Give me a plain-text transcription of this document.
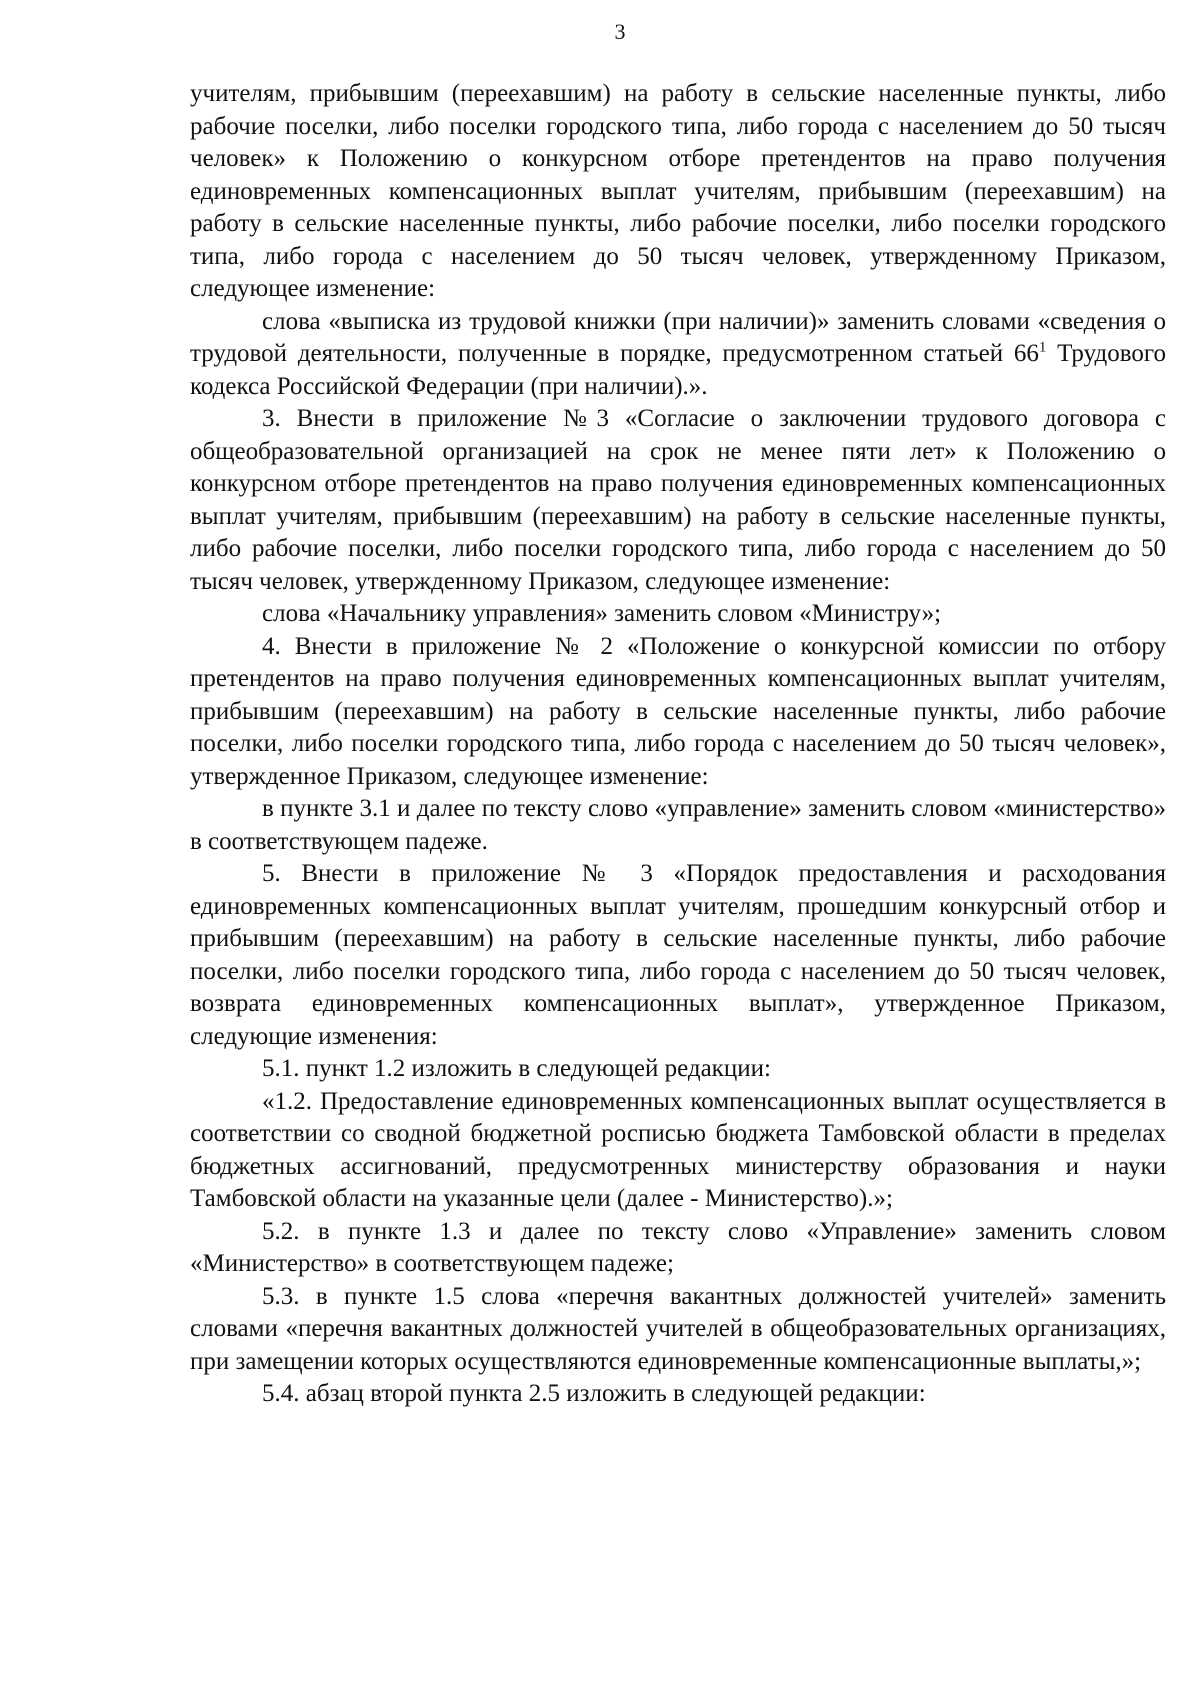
3

учителям, прибывшим (переехавшим) на работу в сельские населенные пункты, либо рабочие поселки, либо поселки городского типа, либо города с населением до 50 тысяч человек» к Положению о конкурсном отборе претендентов на право получения единовременных компенсационных выплат учителям, прибывшим (переехавшим) на работу в сельские населенные пункты, либо рабочие поселки, либо поселки городского типа, либо города с населением до 50 тысяч человек, утвержденному Приказом, следующее изменение:

слова «выписка из трудовой книжки (при наличии)» заменить словами «сведения о трудовой деятельности, полученные в порядке, предусмотренном статьей $66^1$ Трудового кодекса Российской Федерации (при наличии).».

3. Внести в приложение №3 «Согласие о заключении трудового договора с общеобразовательной организацией на срок не менее пяти лет» к Положению о конкурсном отборе претендентов на право получения единовременных компенсационных выплат учителям, прибывшим (переехавшим) на работу в сельские населенные пункты, либо рабочие поселки, либо поселки городского типа, либо города с населением до 50 тысяч человек, утвержденному Приказом, следующее изменение:

слова «Начальнику управления» заменить словом «Министру»;

4. Внести в приложение № 2 «Положение о конкурсной комиссии по отбору претендентов на право получения единовременных компенсационных выплат учителям, прибывшим (переехавшим) на работу в сельские населенные пункты, либо рабочие поселки, либо поселки городского типа, либо города с населением до 50 тысяч человек», утвержденное Приказом, следующее изменение:

в пункте 3.1 и далее по тексту слово «управление» заменить словом «министерство» в соответствующем падеже.

5. Внести в приложение № 3 «Порядок предоставления и расходования единовременных компенсационных выплат учителям, прошедшим конкурсный отбор и прибывшим (переехавшим) на работу в сельские населенные пункты, либо рабочие поселки, либо поселки городского типа, либо города с населением до 50 тысяч человек, возврата единовременных компенсационных выплат», утвержденное Приказом, следующие изменения:

5.1. пункт 1.2 изложить в следующей редакции:

«1.2. Предоставление единовременных компенсационных выплат осуществляется в соответствии со сводной бюджетной росписью бюджета Тамбовской области в пределах бюджетных ассигнований, предусмотренных министерству образования и науки Тамбовской области на указанные цели (далее - Министерство).»;

5.2. в пункте 1.3 и далее по тексту слово «Управление» заменить словом «Министерство» в соответствующем падеже;

5.3. в пункте 1.5 слова «перечня вакантных должностей учителей» заменить словами «перечня вакантных должностей учителей в общеобразовательных организациях, при замещении которых осуществляются единовременные компенсационные выплаты,»;

5.4. абзац второй пункта 2.5 изложить в следующей редакции:
